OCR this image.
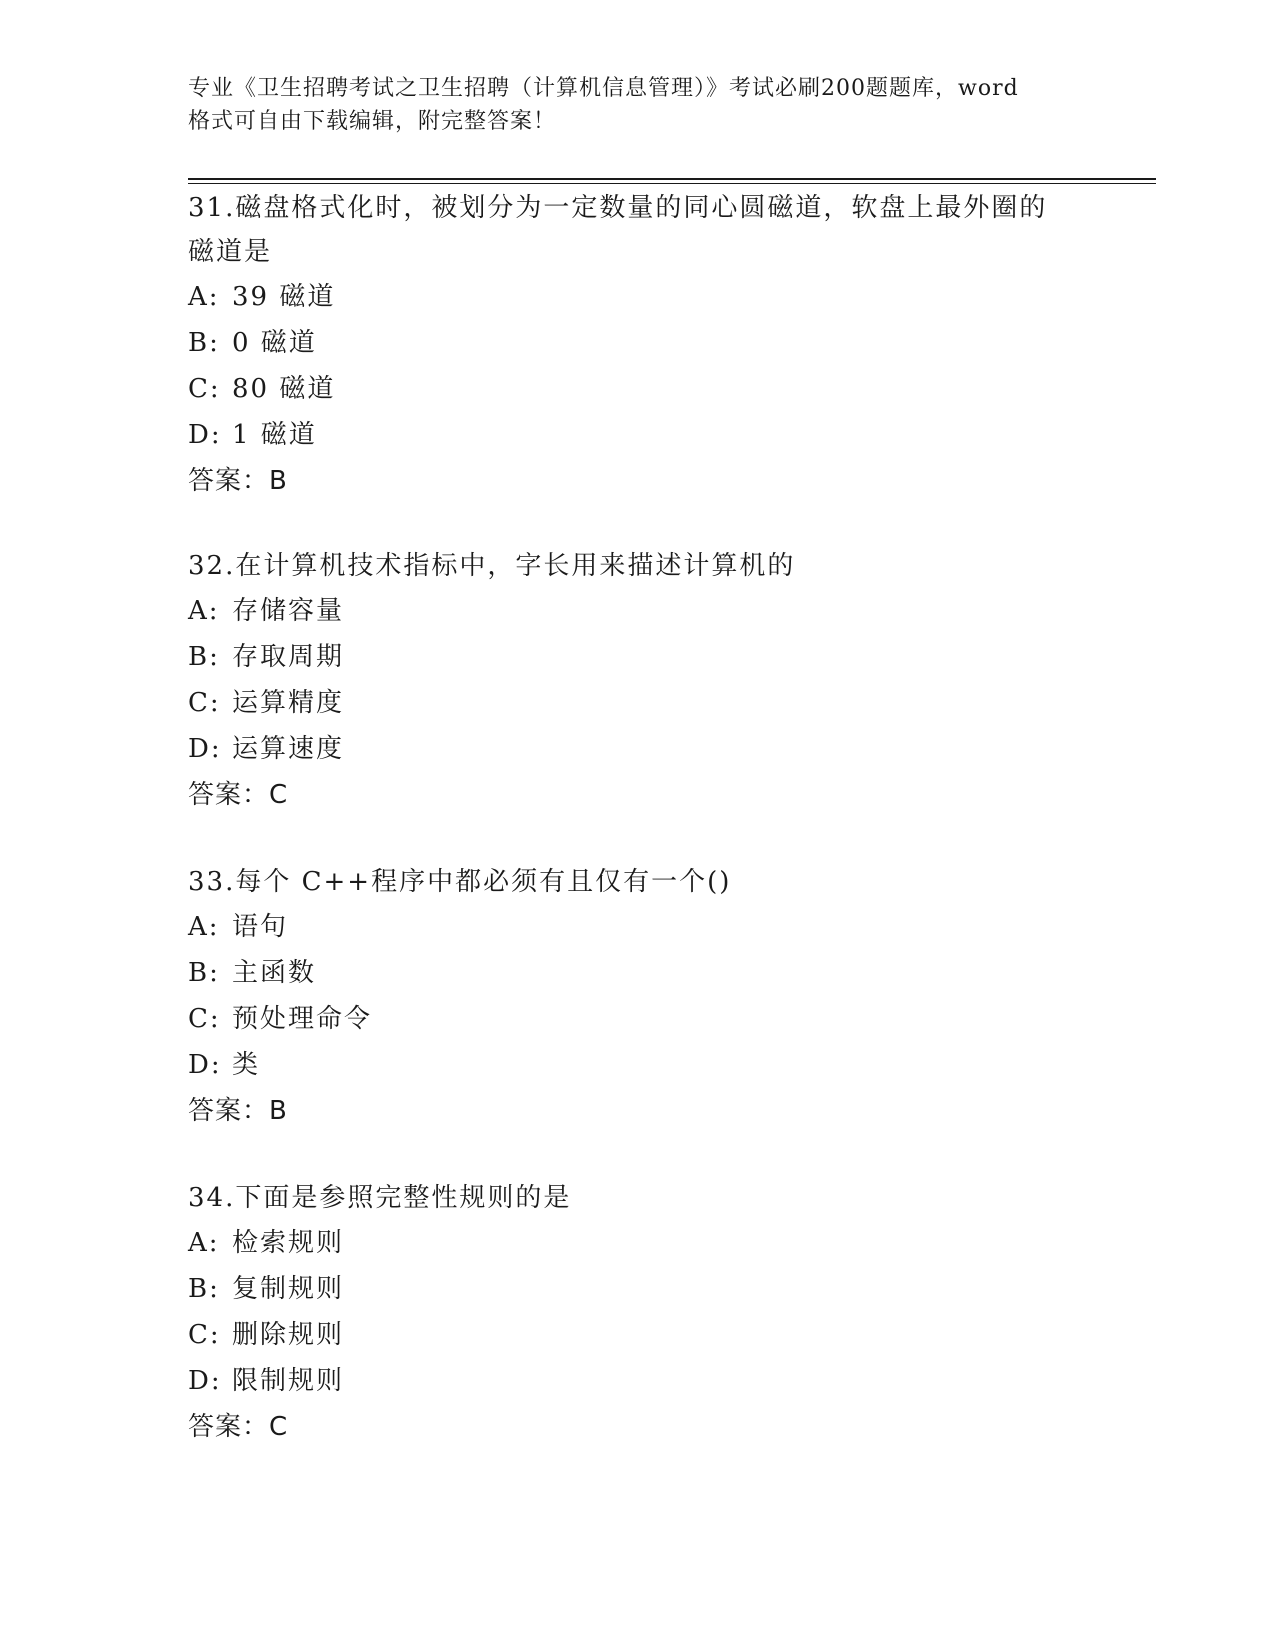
专业《卫生招聘考试之卫生招聘（计算机信息管理）》考试必刷200题题库，word
格式可自由下载编辑，附完整答案！
31.磁盘格式化时，被划分为一定数量的同心圆磁道，软盘上最外圈的
磁道是
A: 39 磁道
B: 0 磁道
C: 80 磁道
D: 1 磁道
答案：B
32.在计算机技术指标中，字长用来描述计算机的
A: 存储容量
B: 存取周期
C: 运算精度
D: 运算速度
答案：C
33.每个 C++程序中都必须有且仅有一个()
A: 语句
B: 主函数
C: 预处理命令
D: 类
答案：B
34.下面是参照完整性规则的是
A: 检索规则
B: 复制规则
C: 删除规则
D: 限制规则
答案：C
